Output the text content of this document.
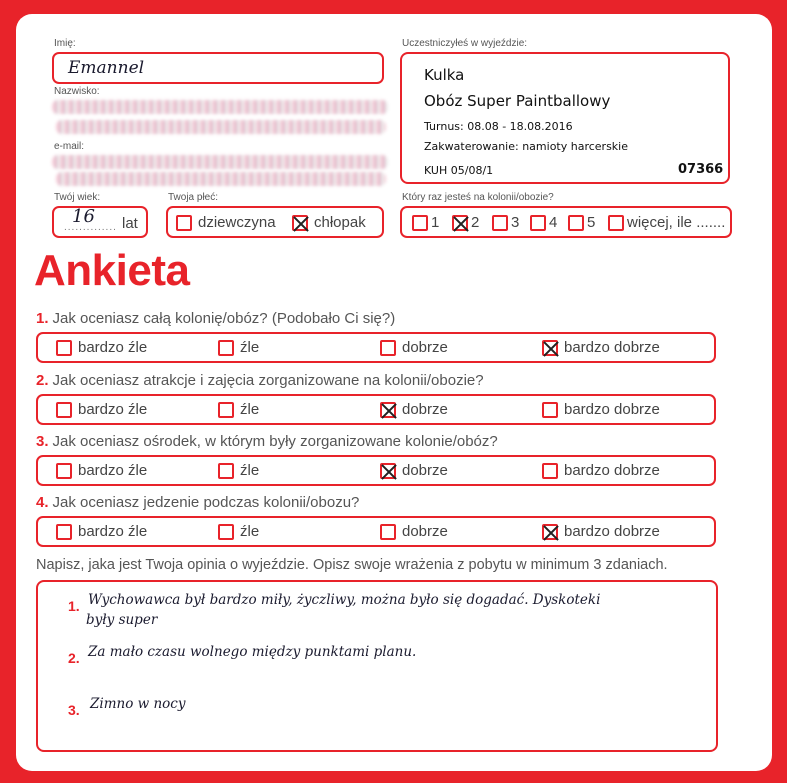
Imię:
Emannel
Nazwisko:
e-mail:
Twój wiek:
16
.............. lat
Twoja płeć:
dziewczyna	chłopak
Uczestniczyłeś w wyjeździe:
Kulka
Obóz Super Paintballowy
Turnus: 08.08 - 18.08.2016
Zakwaterowanie: namioty harcerskie
KUH 05/08/1	07366
Który raz jesteś na kolonii/obozie?
1 2 3 4 5 więcej, ile .......
Ankieta
1. Jak oceniasz całą kolonię/obóz? (Podobało Ci się?)
bardzo źle	źle	dobrze	bardzo dobrze
2. Jak oceniasz atrakcje i zajęcia zorganizowane na kolonii/obozie?
bardzo źle	źle	dobrze	bardzo dobrze
3. Jak oceniasz ośrodek, w którym były zorganizowane kolonie/obóz?
bardzo źle	źle	dobrze	bardzo dobrze
4. Jak oceniasz jedzenie podczas kolonii/obozu?
bardzo źle	źle	dobrze	bardzo dobrze
Napisz, jaka jest Twoja opinia o wyjeździe. Opisz swoje wrażenia z pobytu w minimum 3 zdaniach.
1. Wychowawca był bardzo miły, życzliwy, można było się dogadać. Dyskoteki
były super
2. Za mało czasu wolnego między punktami planu.
3. Zimno w nocy
